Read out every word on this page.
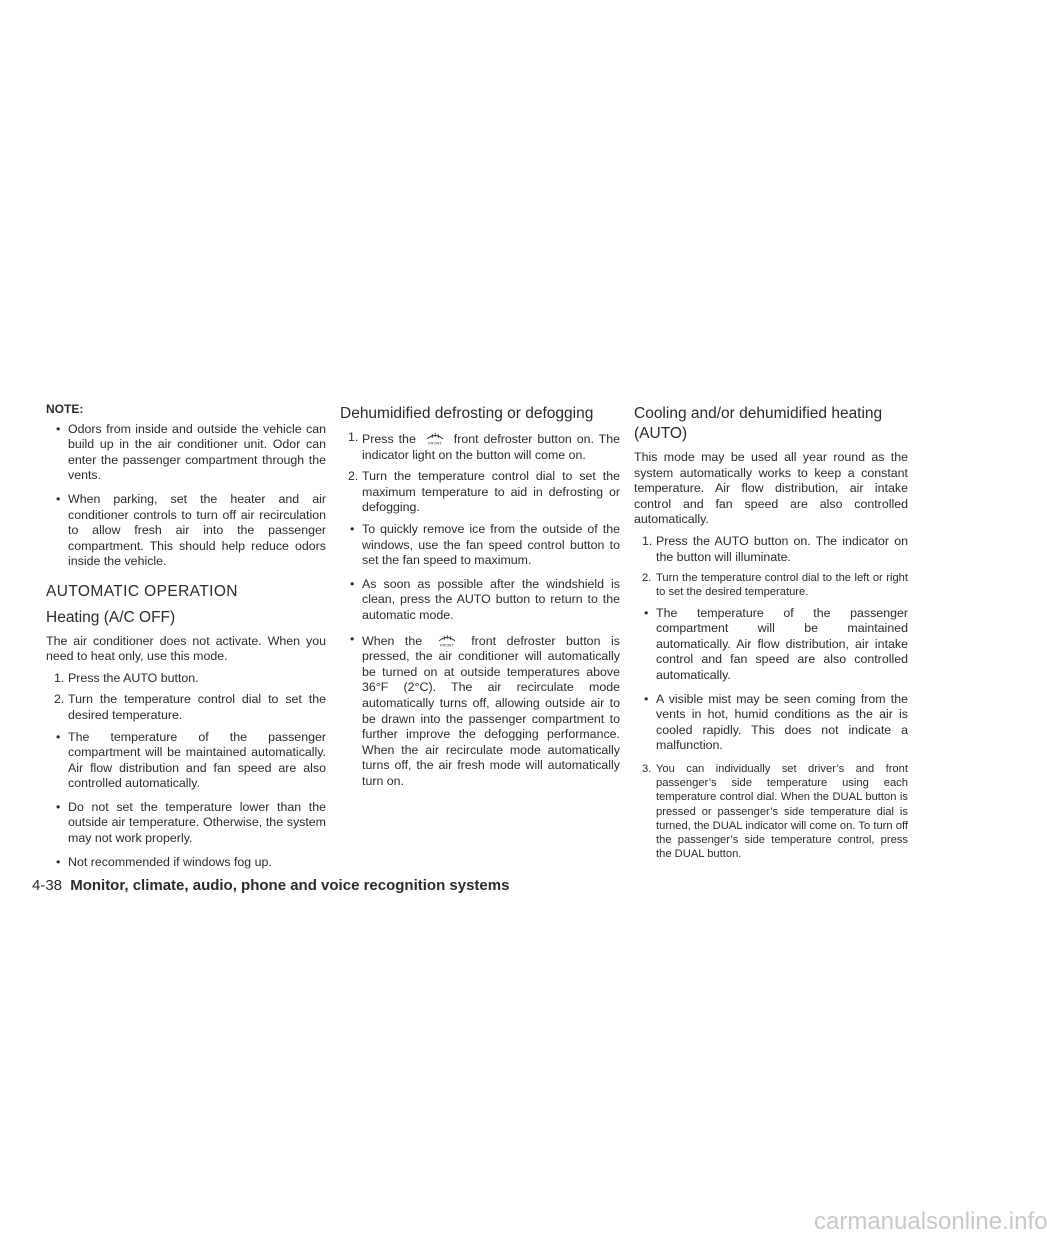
NOTE:

• Odors from inside and outside the vehicle can build up in the air conditioner unit. Odor can enter the passenger compartment through the vents.

• When parking, set the heater and air conditioner controls to turn off air recirculation to allow fresh air into the passenger compartment. This should help reduce odors inside the vehicle.

AUTOMATIC OPERATION
Heating (A/C OFF)

The air conditioner does not activate. When you need to heat only, use this mode.

1. Press the AUTO button.

2. Turn the temperature control dial to set the desired temperature.

• The temperature of the passenger compartment will be maintained automatically. Air flow distribution and fan speed are also controlled automatically.

• Do not set the temperature lower than the outside air temperature. Otherwise, the system may not work properly.

• Not recommended if windows fog up.

Dehumidified defrosting or defogging

1. Press the	FRONT front defroster button on. The indicator light on the button will come on.

2. Turn the temperature control dial to set the maximum temperature to aid in defrosting or defogging.

• To quickly remove ice from the outside of the windows, use the fan speed control button to set the fan speed to maximum.

• As soon as possible after the windshield is clean, press the AUTO button to return to the automatic mode.

• When the	FRONT front defroster button is pressed, the air conditioner will automatically be turned on at outside temperatures above 36°F (2°C). The air recirculate mode automatically turns off, allowing outside air to be drawn into the passenger compartment to further improve the defogging performance. When the air recirculate mode automatically turns off, the air fresh mode will automatically turn on.

Cooling and/or dehumidified heating (AUTO)

This mode may be used all year round as the system automatically works to keep a constant temperature. Air flow distribution, air intake control and fan speed are also controlled automatically.

1. Press the AUTO button on. The indicator on the button will illuminate.

2. Turn the temperature control dial to the left or right to set the desired temperature.

• The temperature of the passenger compartment will be maintained automatically. Air flow distribution, air intake control and fan speed are also controlled automatically.

• A visible mist may be seen coming from the vents in hot, humid conditions as the air is cooled rapidly. This does not indicate a malfunction.

3. You can individually set driver’s and front passenger’s side temperature using each temperature control dial. When the DUAL button is pressed or passenger’s side temperature dial is turned, the DUAL indicator will come on. To turn off the passenger’s side temperature control, press the DUAL button.

4-38 Monitor, climate, audio, phone and voice recognition systems
carmanualsonline.info
